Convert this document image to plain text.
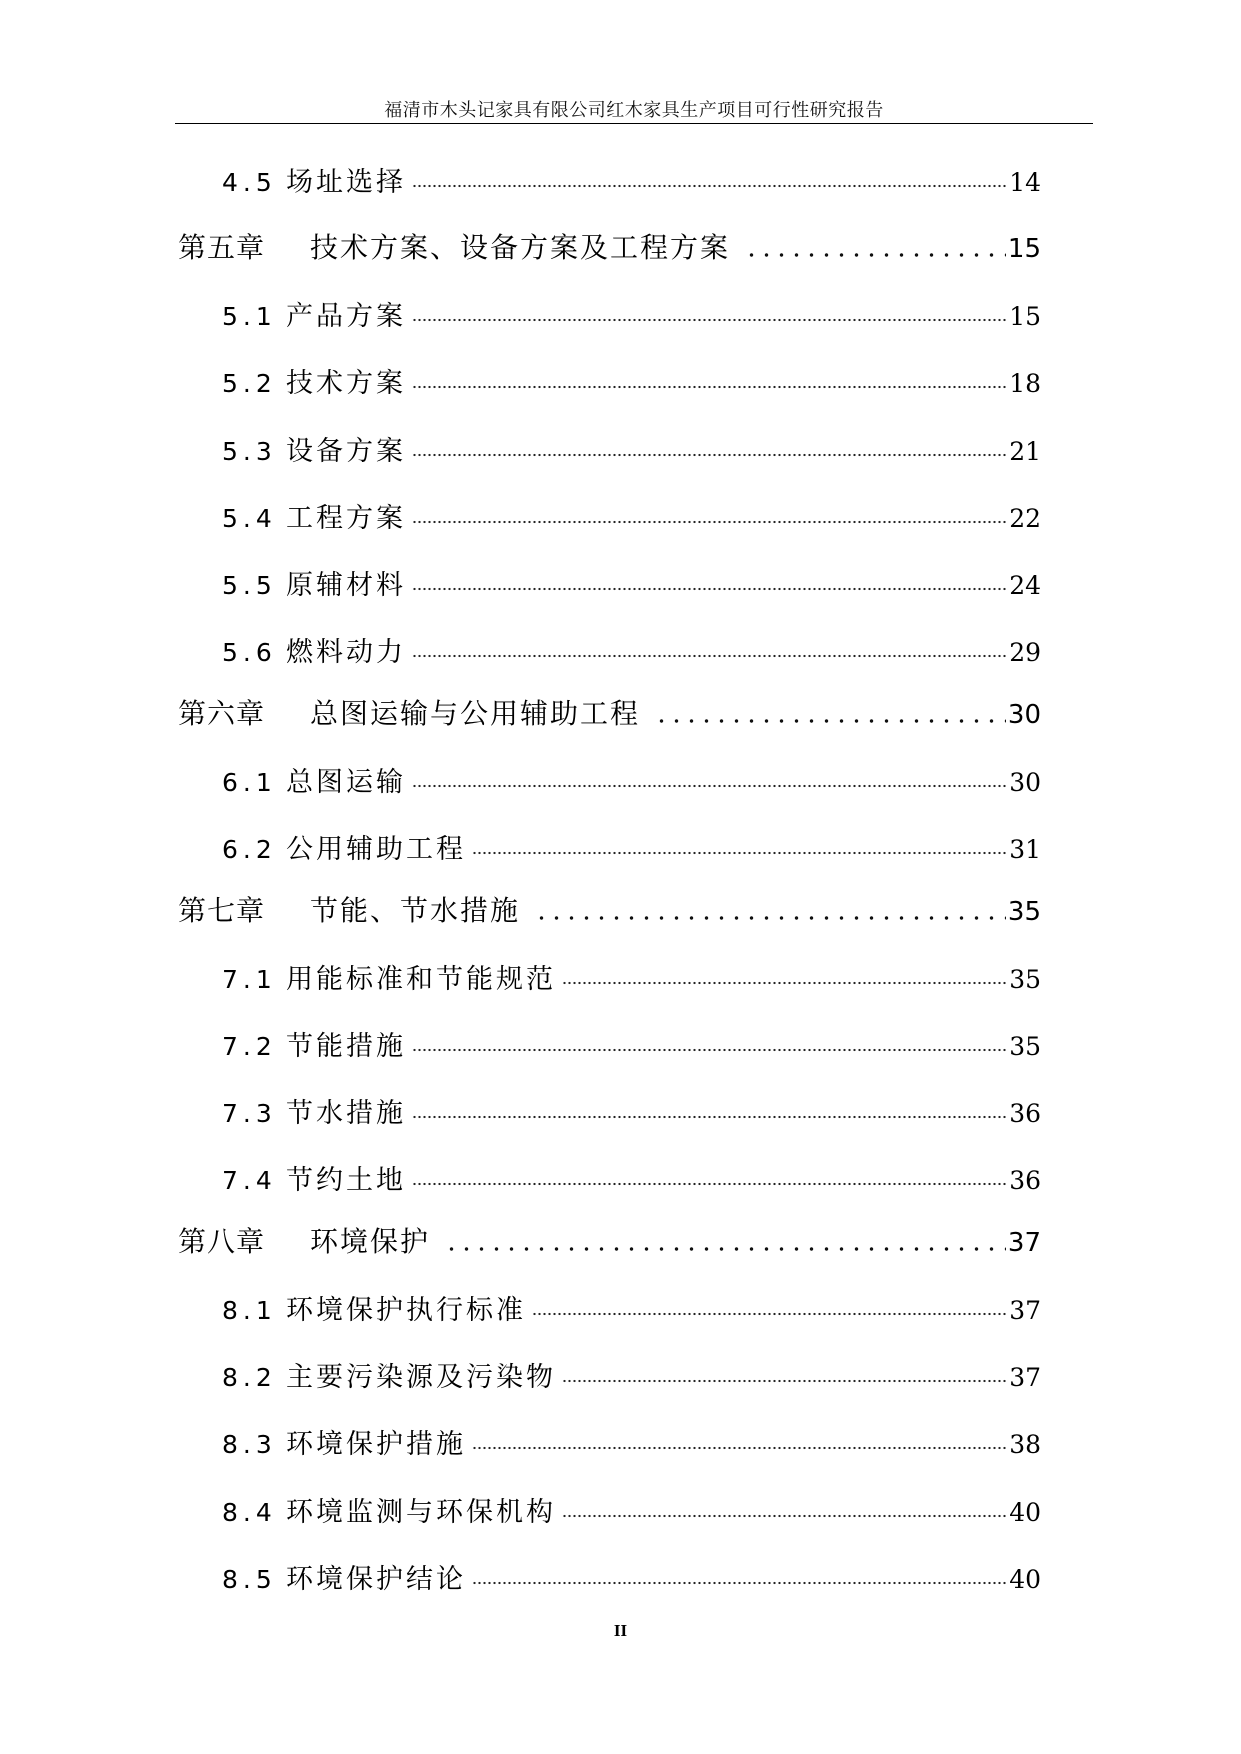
福清市木头记家具有限公司红木家具生产项目可行性研究报告
4.5 场址选择	14
第五章	技术方案、设备方案及工程方案	15
5.1 产品方案	15
5.2 技术方案	18
5.3 设备方案	21
5.4 工程方案	22
5.5 原辅材料	24
5.6 燃料动力	29
第六章	总图运输与公用辅助工程	30
6.1 总图运输	30
6.2 公用辅助工程	31
第七章	节能、节水措施	35
7.1 用能标准和节能规范	35
7.2 节能措施	35
7.3 节水措施	36
7.4 节约土地	36
第八章	环境保护	37
8.1 环境保护执行标准	37
8.2 主要污染源及污染物	37
8.3 环境保护措施	38
8.4 环境监测与环保机构	40
8.5 环境保护结论	40
II
